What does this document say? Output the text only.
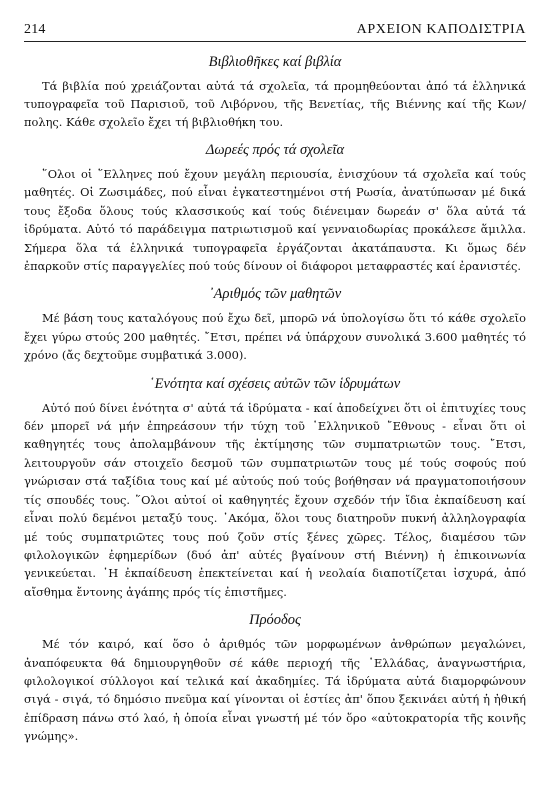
214	ΑΡΧΕΙΟΝ ΚΑΠΟΔΙΣΤΡΙΑ
Βιβλιοθῆκες καί βιβλία

Τά βιβλία πού χρειάζονται αὐτά τά σχολεῖα, τά προμηθεύονται ἀπό τά ἑλληνικά τυπογραφεῖα τοῦ Παρισιοῦ, τοῦ Λιβόρνου, τῆς Βενετίας, τῆς Βιέννης καί τῆς Κων/πολης. Κάθε σχολεῖο ἔχει τή βιβλιοθήκη του.

Δωρεές πρός τά σχολεῖα

῞Ολοι οἱ ῞Ελληνες πού ἔχουν μεγάλη περιουσία, ἐνισχύουν τά σχολεῖα καί τούς μαθητές. Οἱ Ζωσιμάδες, πού εἶναι ἐγκατεστημένοι στή Ρωσία, ἀνατύπωσαν μέ δικά τους ἔξοδα ὅλους τούς κλασσικούς καί τούς διένειμαν δωρεάν σ' ὅλα αὐτά τά ἱδρύματα. Αὐτό τό παράδειγμα πατριωτισμοῦ καί γενναιοδωρίας προκάλεσε ἅμιλλα. Σήμερα ὅλα τά ἑλληνικά τυπογραφεῖα ἐργάζονται ἀκατάπαυστα. Κι ὅμως δέν ἐπαρκοῦν στίς παραγγελίες πού τούς δίνουν οἱ διάφοροι μεταφραστές καί ἐρανιστές.

᾿Αριθμός τῶν μαθητῶν

Μέ βάση τους καταλόγους πού ἔχω δεῖ, μπορῶ νά ὑπολογίσω ὅτι τό κάθε σχολεῖο ἔχει γύρω στούς 200 μαθητές. ῎Ετσι, πρέπει νά ὑπάρχουν συνολικά 3.600 μαθητές τό χρόνο (ἄς δεχτοῦμε συμβατικά 3.000).

῾Ενότητα καί σχέσεις αὐτῶν τῶν ἱδρυμάτων

Αὐτό πού δίνει ἑνότητα σ' αὐτά τά ἱδρύματα - καί ἀποδείχνει ὅτι οἱ ἐπιτυχίες τους δέν μπορεῖ νά μήν ἐπηρεάσουν τήν τύχη τοῦ ῾Ελληνικοῦ ῎Εθνους - εἶναι ὅτι οἱ καθηγητές τους ἀπολαμβάνουν τῆς ἐκτίμησης τῶν συμπατριωτῶν τους. ῎Ετσι, λειτουργοῦν σάν στοιχεῖο δεσμοῦ τῶν συμπατριωτῶν τους μέ τούς σοφούς πού γνώρισαν στά ταξίδια τους καί μέ αὐτούς πού τούς βοήθησαν νά πραγματοποιήσουν τίς σπουδές τους. ῞Ολοι αὐτοί οἱ καθηγητές ἔχουν σχεδόν τήν ἴδια ἐκπαίδευση καί εἶναι πολύ δεμένοι μεταξύ τους. ᾿Ακόμα, ὅλοι τους διατηροῦν πυκνή ἀλληλογραφία μέ τούς συμπατριῶτες τους πού ζοῦν στίς ξένες χῶρες. Τέλος, διαμέσου τῶν φιλολογικῶν ἐφημερίδων (δυό ἀπ' αὐτές βγαίνουν στή Βιέννη) ἡ ἐπικοινωνία γενικεύεται. ῾Η ἐκπαίδευση ἐπεκτείνεται καί ἡ νεολαία διαποτίζεται ἰσχυρά, ἀπό αἴσθημα ἔντονης ἀγάπης πρός τίς ἐπιστῆμες.

Πρόοδος

Μέ τόν καιρό, καί ὅσο ὁ ἀριθμός τῶν μορφωμένων ἀνθρώπων μεγαλώνει, ἀναπόφευκτα θά δημιουργηθοῦν σέ κάθε περιοχή τῆς ῾Ελλάδας, ἀναγνωστήρια, φιλολογικοί σύλλογοι καί τελικά καί ἀκαδημίες. Τά ἱδρύματα αὐτά διαμορφώνουν σιγά - σιγά, τό δημόσιο πνεῦμα καί γίνονται οἱ ἑστίες ἀπ' ὅπου ξεκινάει αὐτή ἡ ἠθική ἐπίδραση πάνω στό λαό, ἡ ὁποία εἶναι γνωστή μέ τόν ὅρο «αὐτοκρατορία τῆς κοινῆς γνώμης».
